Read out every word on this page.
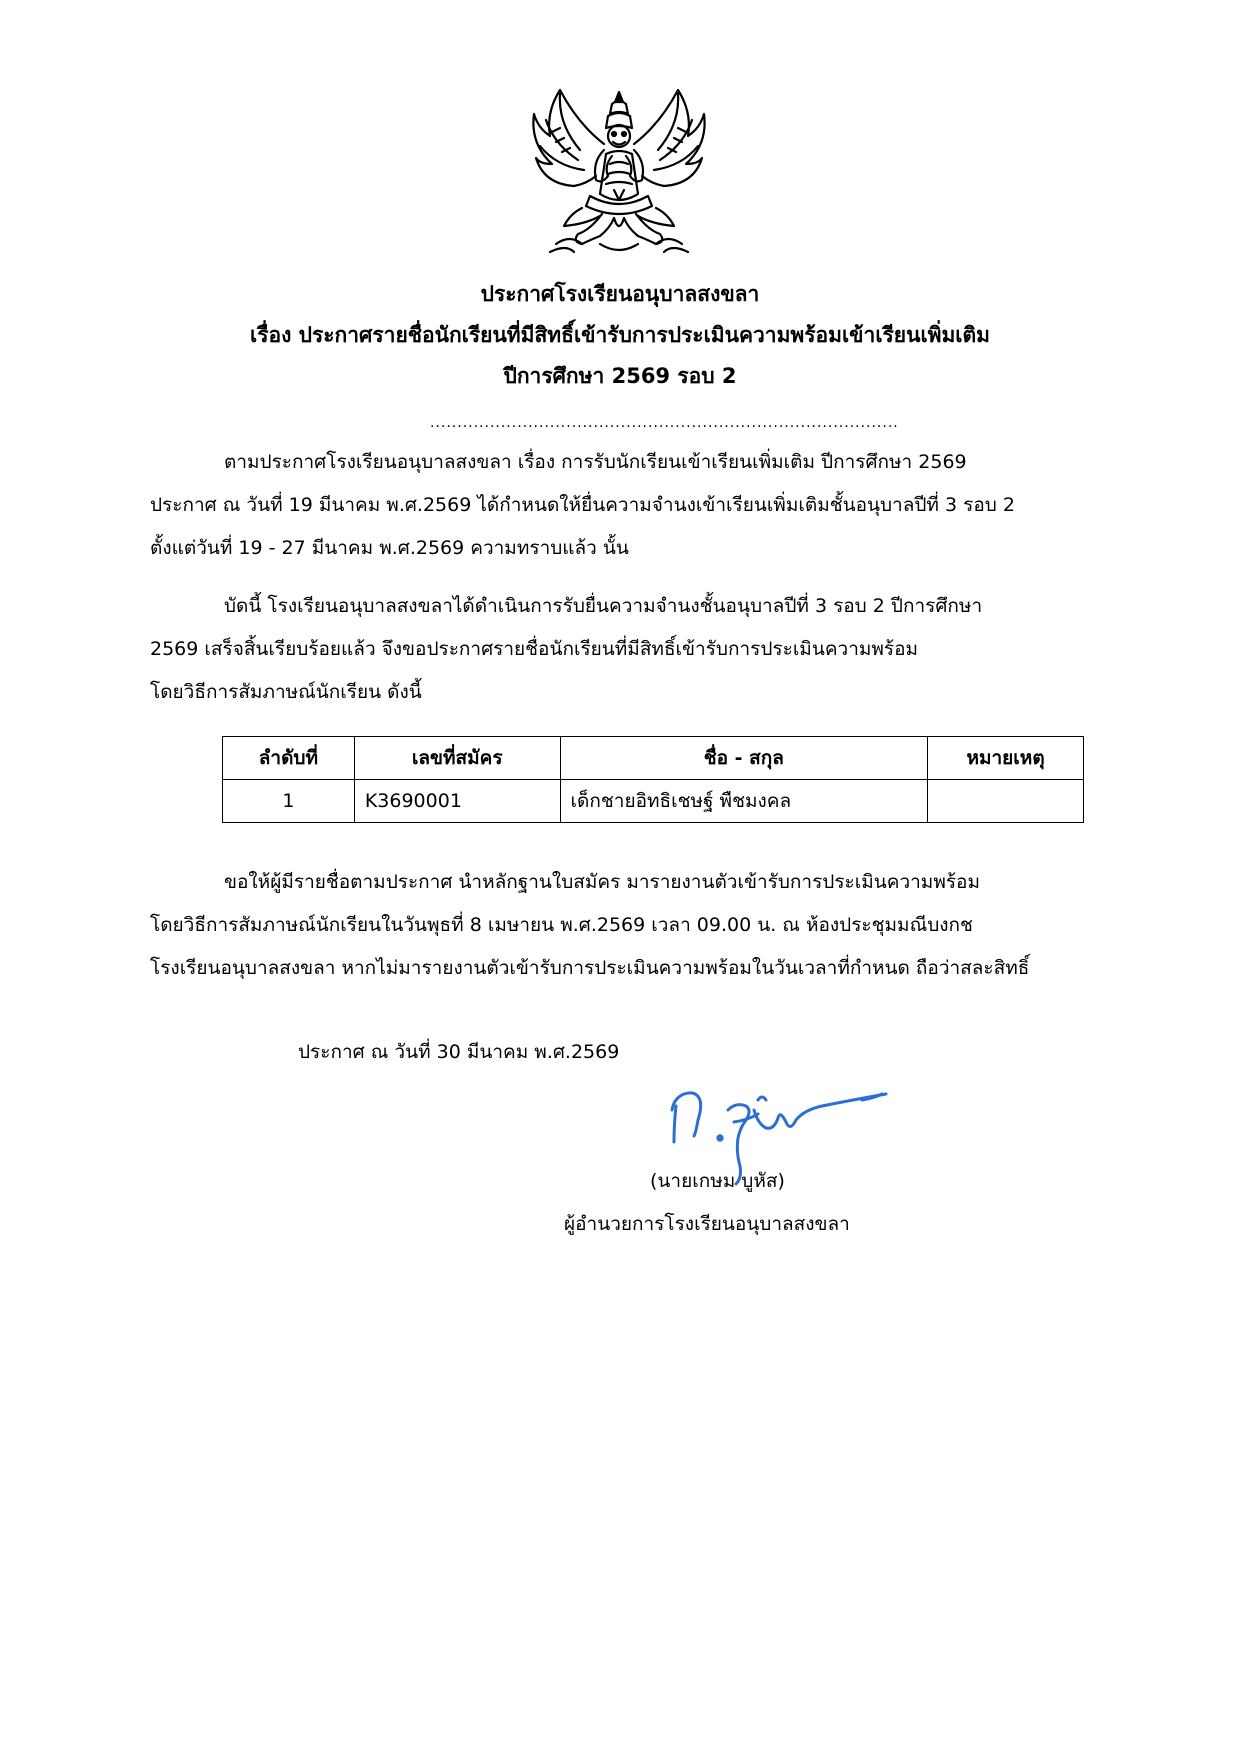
ประกาศโรงเรียนอนุบาลสงขลา
เรื่อง ประกาศรายชื่อนักเรียนที่มีสิทธิ์เข้ารับการประเมินความพร้อมเข้าเรียนเพิ่มเติม
ปีการศึกษา 2569 รอบ 2
......................................................................................
ตามประกาศโรงเรียนอนุบาลสงขลา เรื่อง การรับนักเรียนเข้าเรียนเพิ่มเติม ปีการศึกษา 2569
ประกาศ ณ วันที่ 19 มีนาคม พ.ศ.2569 ได้กำหนดให้ยื่นความจำนงเข้าเรียนเพิ่มเติมชั้นอนุบาลปีที่ 3 รอบ 2
ตั้งแต่วันที่ 19 - 27 มีนาคม พ.ศ.2569 ความทราบแล้ว นั้น
บัดนี้ โรงเรียนอนุบาลสงขลาได้ดำเนินการรับยื่นความจำนงชั้นอนุบาลปีที่ 3 รอบ 2 ปีการศึกษา
2569 เสร็จสิ้นเรียบร้อยแล้ว จึงขอประกาศรายชื่อนักเรียนที่มีสิทธิ์เข้ารับการประเมินความพร้อม
โดยวิธีการสัมภาษณ์นักเรียน ดังนี้
ลำดับที่	เลขที่สมัคร	ชื่อ - สกุล	หมายเหตุ
1	K3690001	เด็กชายอิทธิเชษฐ์ พืชมงคล	
ขอให้ผู้มีรายชื่อตามประกาศ นำหลักฐานใบสมัคร มารายงานตัวเข้ารับการประเมินความพร้อม
โดยวิธีการสัมภาษณ์นักเรียนในวันพุธที่ 8 เมษายน พ.ศ.2569 เวลา 09.00 น. ณ ห้องประชุมมณีบงกช
โรงเรียนอนุบาลสงขลา หากไม่มารายงานตัวเข้ารับการประเมินความพร้อมในวันเวลาที่กำหนด ถือว่าสละสิทธิ์
ประกาศ ณ วันที่ 30 มีนาคม พ.ศ.2569
(นายเกษม บูหัส)
ผู้อำนวยการโรงเรียนอนุบาลสงขลา
